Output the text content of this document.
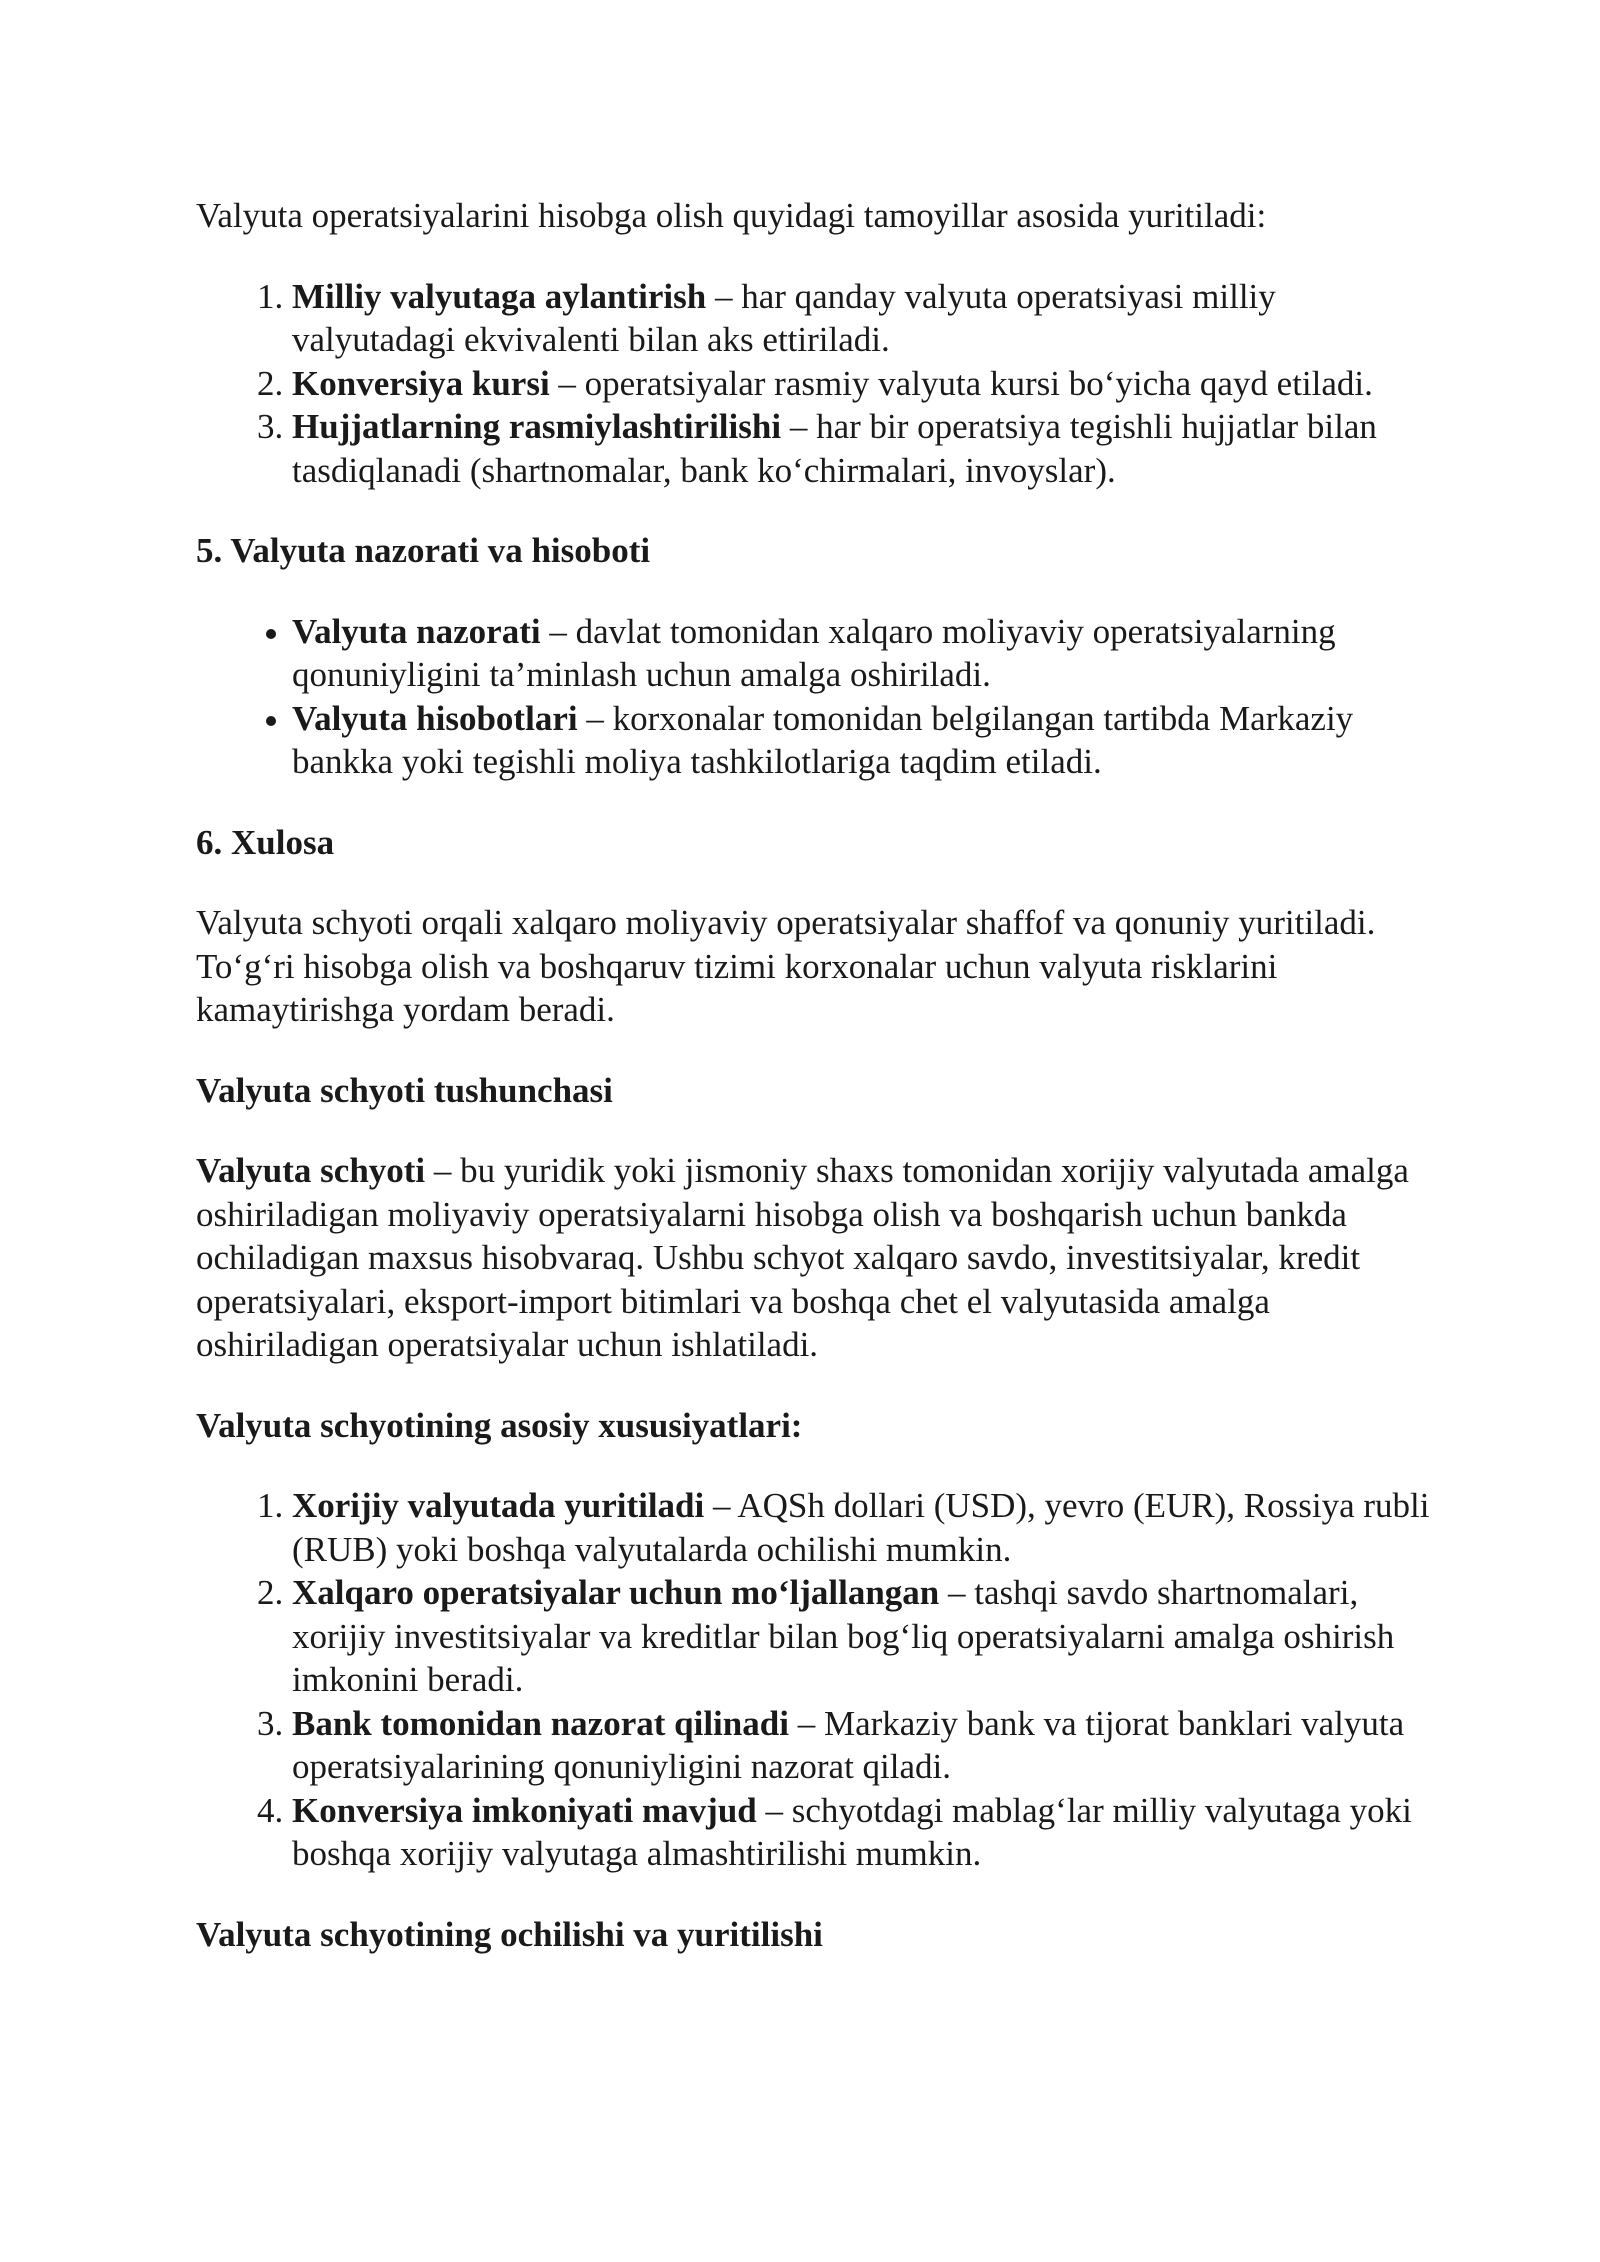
Valyuta operatsiyalarini hisobga olish quyidagi tamoyillar asosida yuritiladi:

1. Milliy valyutaga aylantirish – har qanday valyuta operatsiyasi milliy valyutadagi ekvivalenti bilan aks ettiriladi.
2. Konversiya kursi – operatsiyalar rasmiy valyuta kursi bo‘yicha qayd etiladi.
3. Hujjatlarning rasmiylashtirilishi – har bir operatsiya tegishli hujjatlar bilan tasdiqlanadi (shartnomalar, bank ko‘chirmalari, invoyslar).

5. Valyuta nazorati va hisoboti

• Valyuta nazorati – davlat tomonidan xalqaro moliyaviy operatsiyalarning qonuniyligini ta’minlash uchun amalga oshiriladi.
• Valyuta hisobotlari – korxonalar tomonidan belgilangan tartibda Markaziy bankka yoki tegishli moliya tashkilotlariga taqdim etiladi.

6. Xulosa

Valyuta schyoti orqali xalqaro moliyaviy operatsiyalar shaffof va qonuniy yuritiladi. To‘g‘ri hisobga olish va boshqaruv tizimi korxonalar uchun valyuta risklarini kamaytirishga yordam beradi.

Valyuta schyoti tushunchasi

Valyuta schyoti – bu yuridik yoki jismoniy shaxs tomonidan xorijiy valyutada amalga oshiriladigan moliyaviy operatsiyalarni hisobga olish va boshqarish uchun bankda ochiladigan maxsus hisobvaraq. Ushbu schyot xalqaro savdo, investitsiyalar, kredit operatsiyalari, eksport-import bitimlari va boshqa chet el valyutasida amalga oshiriladigan operatsiyalar uchun ishlatiladi.

Valyuta schyotining asosiy xususiyatlari:

1. Xorijiy valyutada yuritiladi – AQSh dollari (USD), yevro (EUR), Rossiya rubli (RUB) yoki boshqa valyutalarda ochilishi mumkin.
2. Xalqaro operatsiyalar uchun mo‘ljallangan – tashqi savdo shartnomalari, xorijiy investitsiyalar va kreditlar bilan bog‘liq operatsiyalarni amalga oshirish imkonini beradi.
3. Bank tomonidan nazorat qilinadi – Markaziy bank va tijorat banklari valyuta operatsiyalarining qonuniyligini nazorat qiladi.
4. Konversiya imkoniyati mavjud – schyotdagi mablag‘lar milliy valyutaga yoki boshqa xorijiy valyutaga almashtirilishi mumkin.

Valyuta schyotining ochilishi va yuritilishi
